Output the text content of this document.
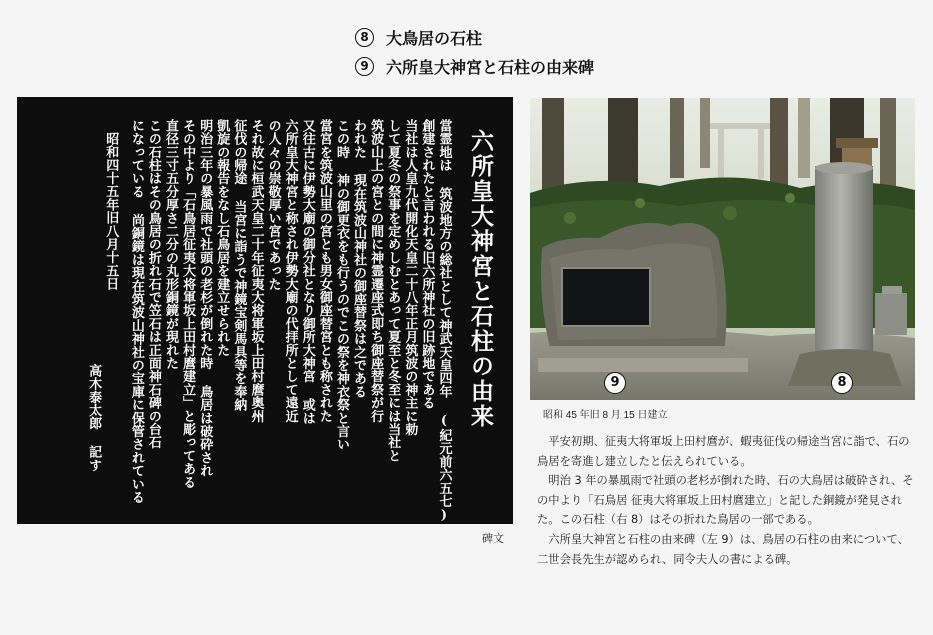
8	大鳥居の石柱
9	六所皇大神宮と石柱の由来碑
六所皇大神宮と石柱の由来
當霊地は 筑波地方の総社として神武天皇四年 (紀元前六五七)
創建されたと言われる旧六所神社の旧跡地である
当社は人皇九代開化天皇二十八年正月筑波の神主に勅
して夏冬の祭事を定めしむとあって夏至と冬至には当社と
筑波山上の宮との間に神霊遷座式即ち御座替祭が行
われた 現在筑波山神社の御座替祭は之である
この時 神の御更衣をも行うのでこの祭を神衣祭と言い
當宮を筑波山里の宮とも男女御座替宮とも称された
又往古に伊勢大廟の御分社となり御所大神宮 或は
六所皇大神宮と称され伊勢大廟の代拝所として遠近
の人々の崇敬厚い宮であった
それ故に桓武天皇二十年征夷大将軍坂上田村麿奥州
征伐の帰途 当宮に詣うで神鏡宝剣馬具等を奉納
凱旋の報告をなし石鳥居を建立せられた
明治三年の暴風雨で社頭の老杉が倒れた時 鳥居は破砕され
その中より「石鳥居征夷大将軍坂上田村麿建立」と彫ってある
直径三寸五分厚さ二分の丸形銅鏡が現れた
この石柱はその鳥居の折れ石で笠石は正面神石碑の台石
になっている 尚銅鏡は現在筑波山神社の宝庫に保管されている
昭和四十五年旧八月十五日
高木泰太郎 記す
碑文
9	8
昭和 45 年旧 8 月 15 日建立

平安初期、征夷大将軍坂上田村麿が、蝦夷征伐の帰途当宮に詣で、石の鳥居を寄進し建立したと伝えられている。

明治 3 年の暴風雨で社頭の老杉が倒れた時、石の大鳥居は破砕され、その中より「石鳥居 征夷大将軍坂上田村麿建立」と記した銅鏡が発見された。この石柱（右 8）はその折れた鳥居の一部である。

六所皇大神宮と石柱の由来碑（左 9）は、鳥居の石柱の由来について、二世会長先生が認められ、同令夫人の書による碑。
